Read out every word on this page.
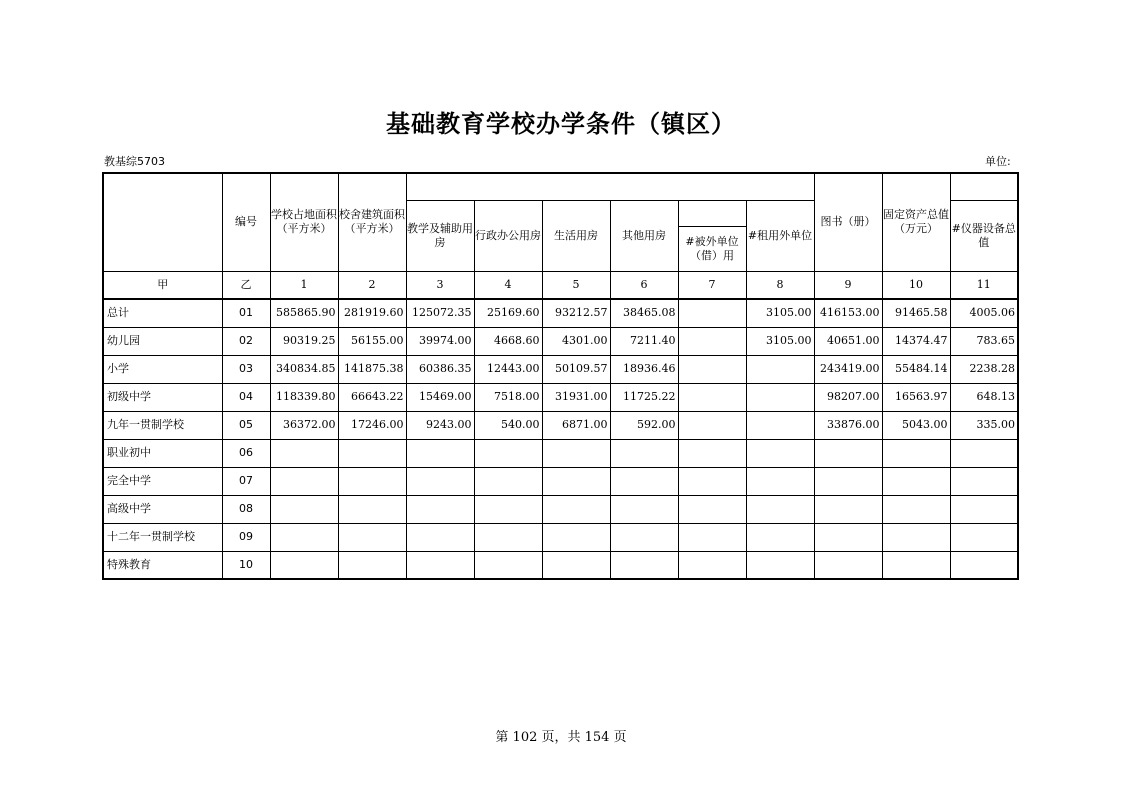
基础教育学校办学条件（镇区）
教基综5703	单位:
	编号	学校占地面积（平方米）	校舍建筑面积（平方米）							图书（册）	固定资产总值（万元）	
				教学及辅助用房	行政办公用房	生活用房	其他用房		#租用外单位			#仪器设备总值
								#被外单位（借）用				
甲	乙	1	2	3	4	5	6	7	8	9	10	11
总计	01	585865.90	281919.60	125072.35	25169.60	93212.57	38465.08		3105.00	416153.00	91465.58	4005.06
幼儿园	02	90319.25	56155.00	39974.00	4668.60	4301.00	7211.40		3105.00	40651.00	14374.47	783.65
小学	03	340834.85	141875.38	60386.35	12443.00	50109.57	18936.46			243419.00	55484.14	2238.28
初级中学	04	118339.80	66643.22	15469.00	7518.00	31931.00	11725.22			98207.00	16563.97	648.13
九年一贯制学校	05	36372.00	17246.00	9243.00	540.00	6871.00	592.00			33876.00	5043.00	335.00
职业初中	06											
完全中学	07											
高级中学	08											
十二年一贯制学校	09											
特殊教育	10											
第 102 页，共 154 页
